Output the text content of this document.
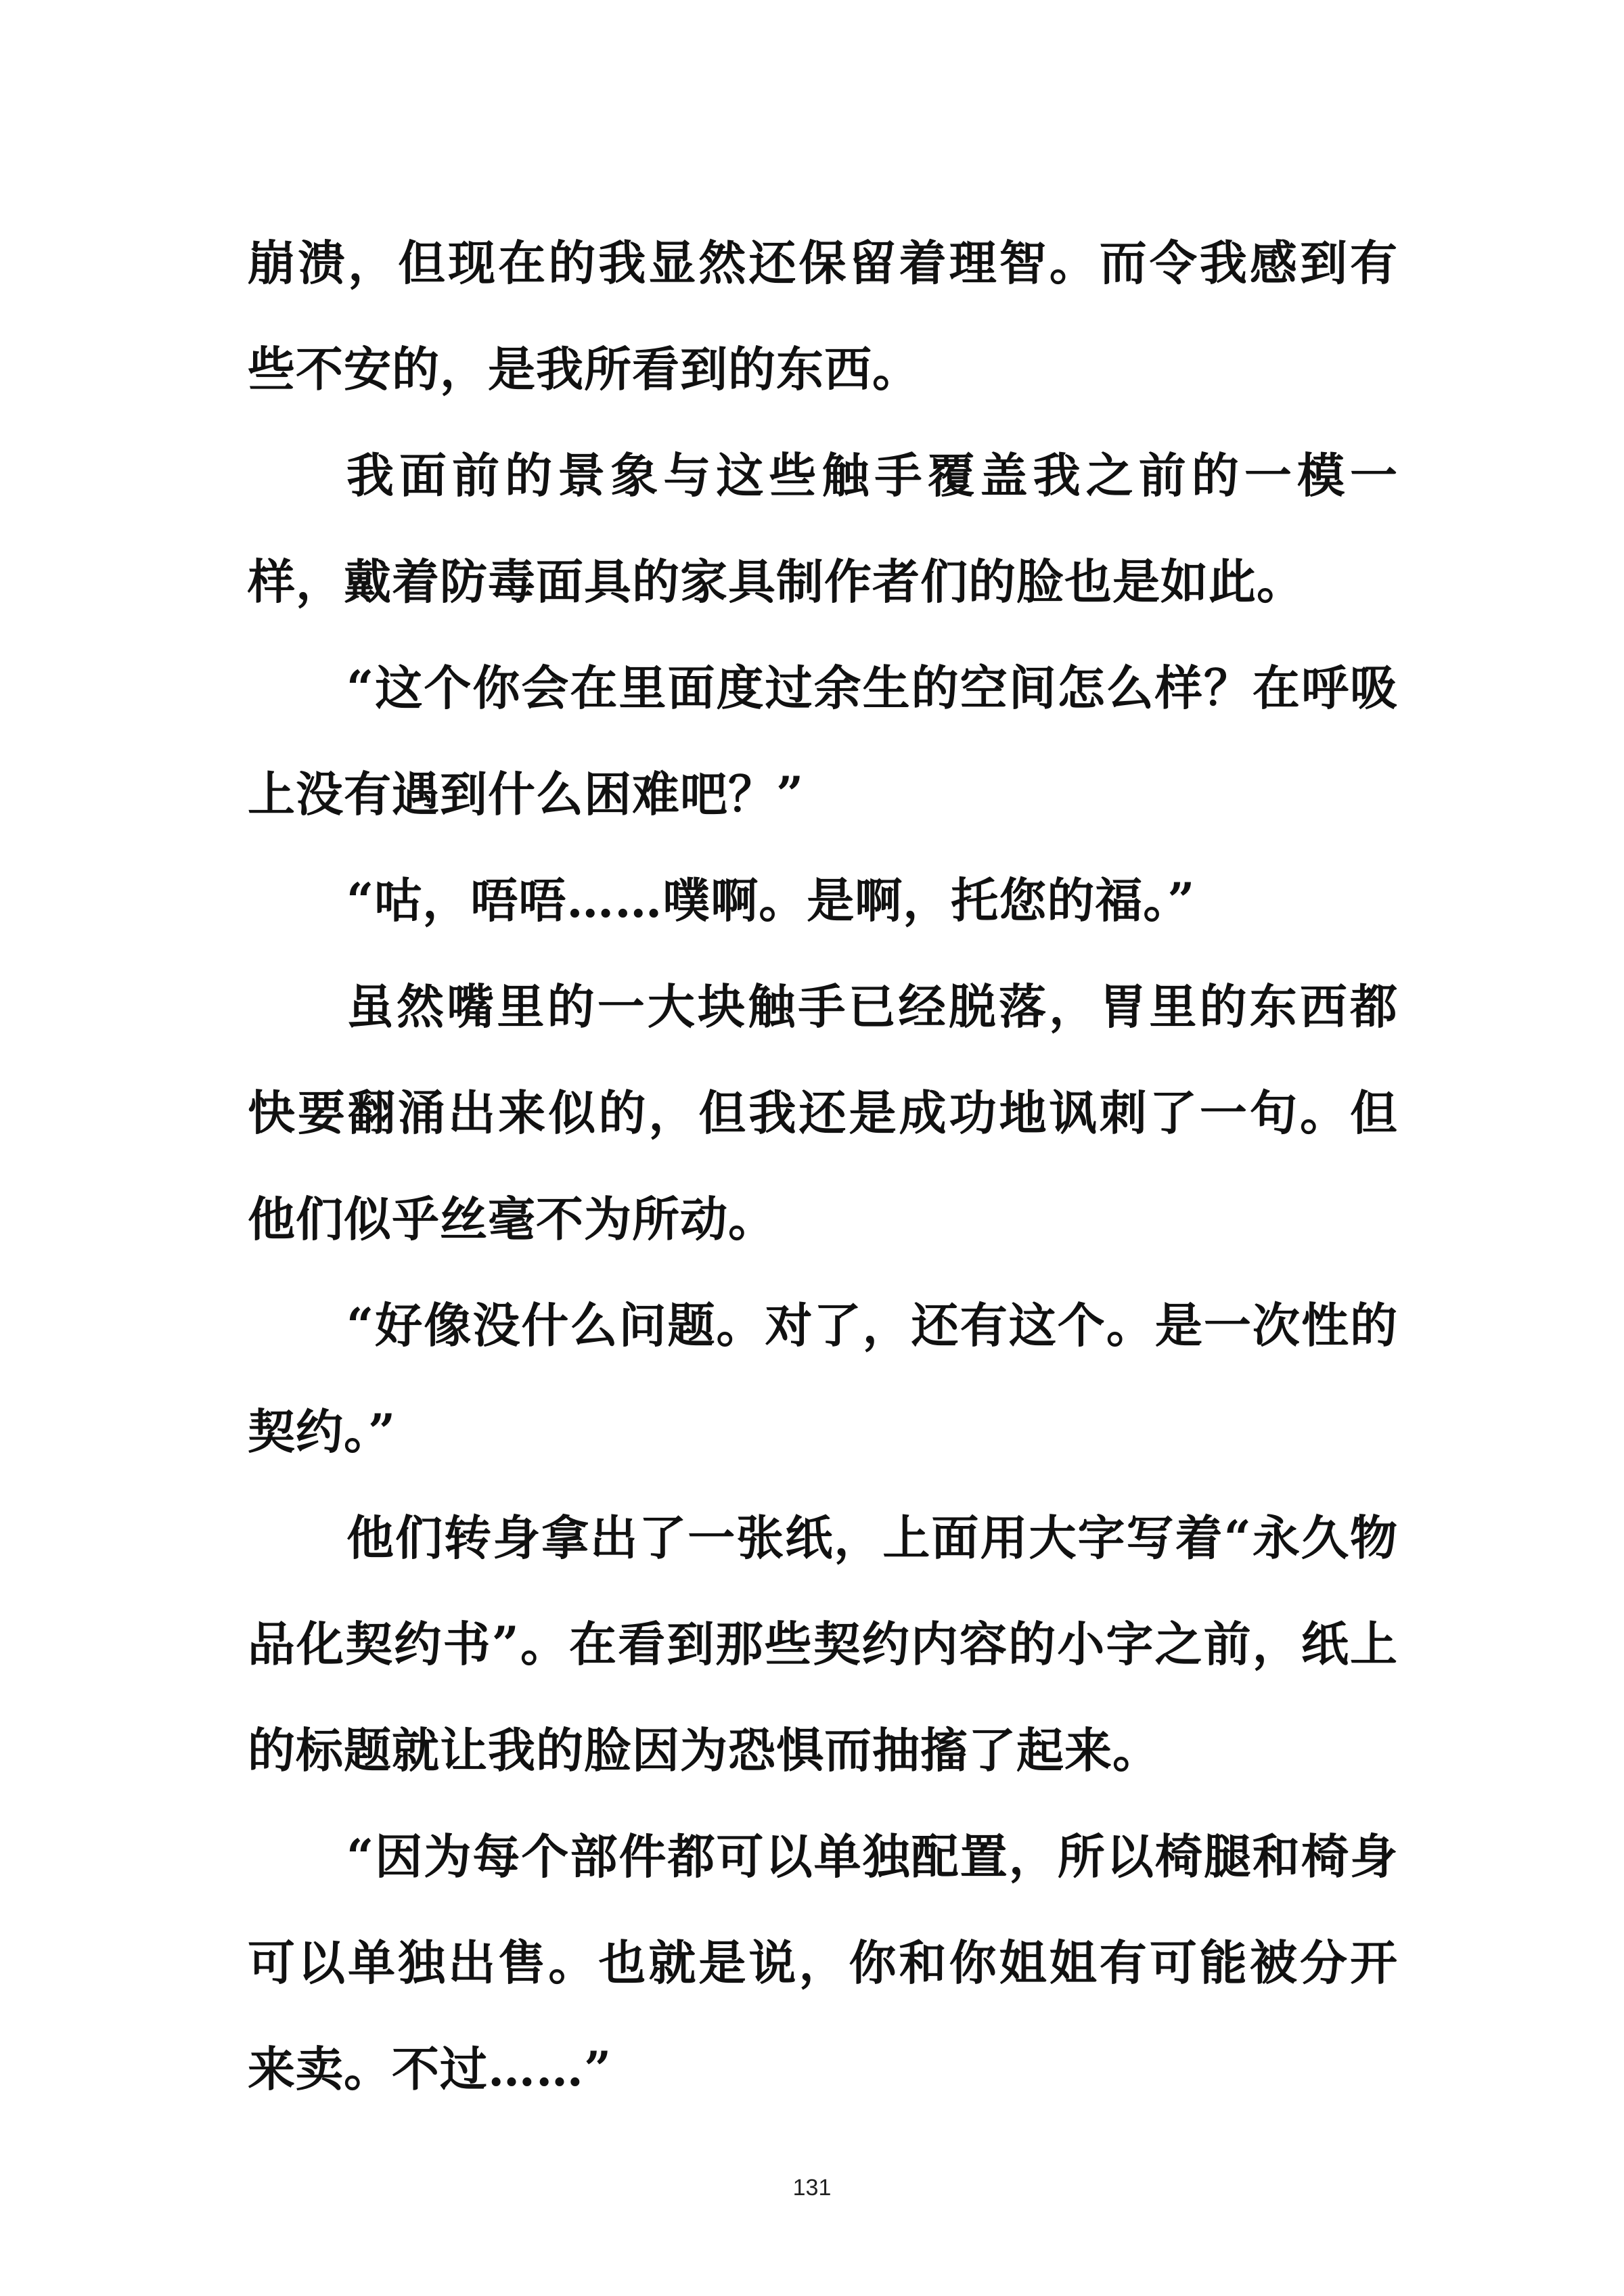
崩溃，但现在的我显然还保留着理智。而令我感到有些不安的，是我所看到的东西。

我面前的景象与这些触手覆盖我之前的一模一样，戴着防毒面具的家具制作者们的脸也是如此。

“这个你会在里面度过余生的空间怎么样？在呼吸上没有遇到什么困难吧？”

“咕，唔唔……噗啊。是啊，托您的福。”

虽然嘴里的一大块触手已经脱落，胃里的东西都快要翻涌出来似的，但我还是成功地讽刺了一句。但他们似乎丝毫不为所动。

“好像没什么问题。对了，还有这个。是一次性的契约。”

他们转身拿出了一张纸，上面用大字写着“永久物品化契约书”。在看到那些契约内容的小字之前，纸上的标题就让我的脸因为恐惧而抽搐了起来。

“因为每个部件都可以单独配置，所以椅腿和椅身可以单独出售。也就是说，你和你姐姐有可能被分开来卖。不过……”

131
